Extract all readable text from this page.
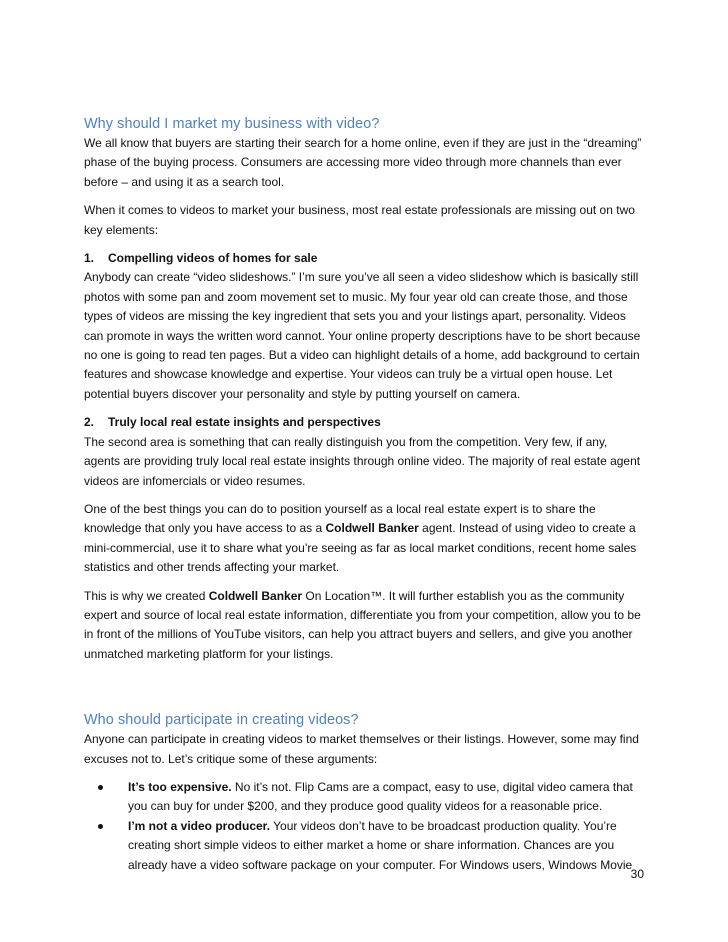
Why should I market my business with video?

We all know that buyers are starting their search for a home online, even if they are just in the “dreaming” phase of the buying process. Consumers are accessing more video through more channels than ever before – and using it as a search tool.

When it comes to videos to market your business, most real estate professionals are missing out on two key elements:

1. Compelling videos of homes for sale

Anybody can create “video slideshows.” I’m sure you’ve all seen a video slideshow which is basically still photos with some pan and zoom movement set to music. My four year old can create those, and those types of videos are missing the key ingredient that sets you and your listings apart, personality. Videos can promote in ways the written word cannot. Your online property descriptions have to be short because no one is going to read ten pages. But a video can highlight details of a home, add background to certain features and showcase knowledge and expertise. Your videos can truly be a virtual open house. Let potential buyers discover your personality and style by putting yourself on camera.

2. Truly local real estate insights and perspectives

The second area is something that can really distinguish you from the competition. Very few, if any, agents are providing truly local real estate insights through online video. The majority of real estate agent videos are infomercials or video resumes.

One of the best things you can do to position yourself as a local real estate expert is to share the knowledge that only you have access to as a Coldwell Banker agent. Instead of using video to create a mini-commercial, use it to share what you’re seeing as far as local market conditions, recent home sales statistics and other trends affecting your market.

This is why we created Coldwell Banker On Location™. It will further establish you as the community expert and source of local real estate information, differentiate you from your competition, allow you to be in front of the millions of YouTube visitors, can help you attract buyers and sellers, and give you another unmatched marketing platform for your listings.

Who should participate in creating videos?

Anyone can participate in creating videos to market themselves or their listings. However, some may find excuses not to. Let’s critique some of these arguments:

It’s too expensive. No it’s not. Flip Cams are a compact, easy to use, digital video camera that you can buy for under $200, and they produce good quality videos for a reasonable price.
I’m not a video producer. Your videos don’t have to be broadcast production quality. You’re creating short simple videos to either market a home or share information. Chances are you already have a video software package on your computer. For Windows users, Windows Movie
30
